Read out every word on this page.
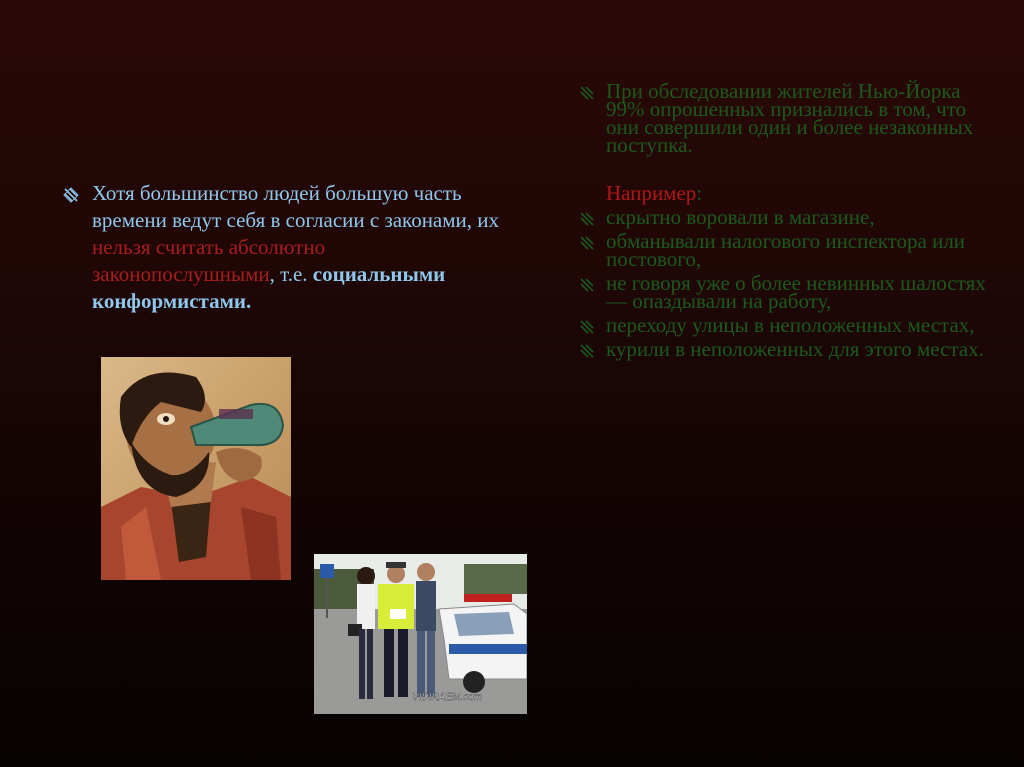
Хотя большинство людей большую часть времени ведут себя в согласии с законами, их нельзя считать абсолютно законопослушными, т.е. социальными конформистами.
При обследовании жителей Нью-Йорка 99% опрошенных признались в том, что они совершили один и более незаконных поступка.
Например:
скрытно воровали в магазине,
обманывали налогового инспектора или постового,
не говоря уже о более невинных шалостях — опаздывали на работу,
переходу улицы в неположенных местах,
курили в неположенных для этого местах.
VIDIRAEM.com
